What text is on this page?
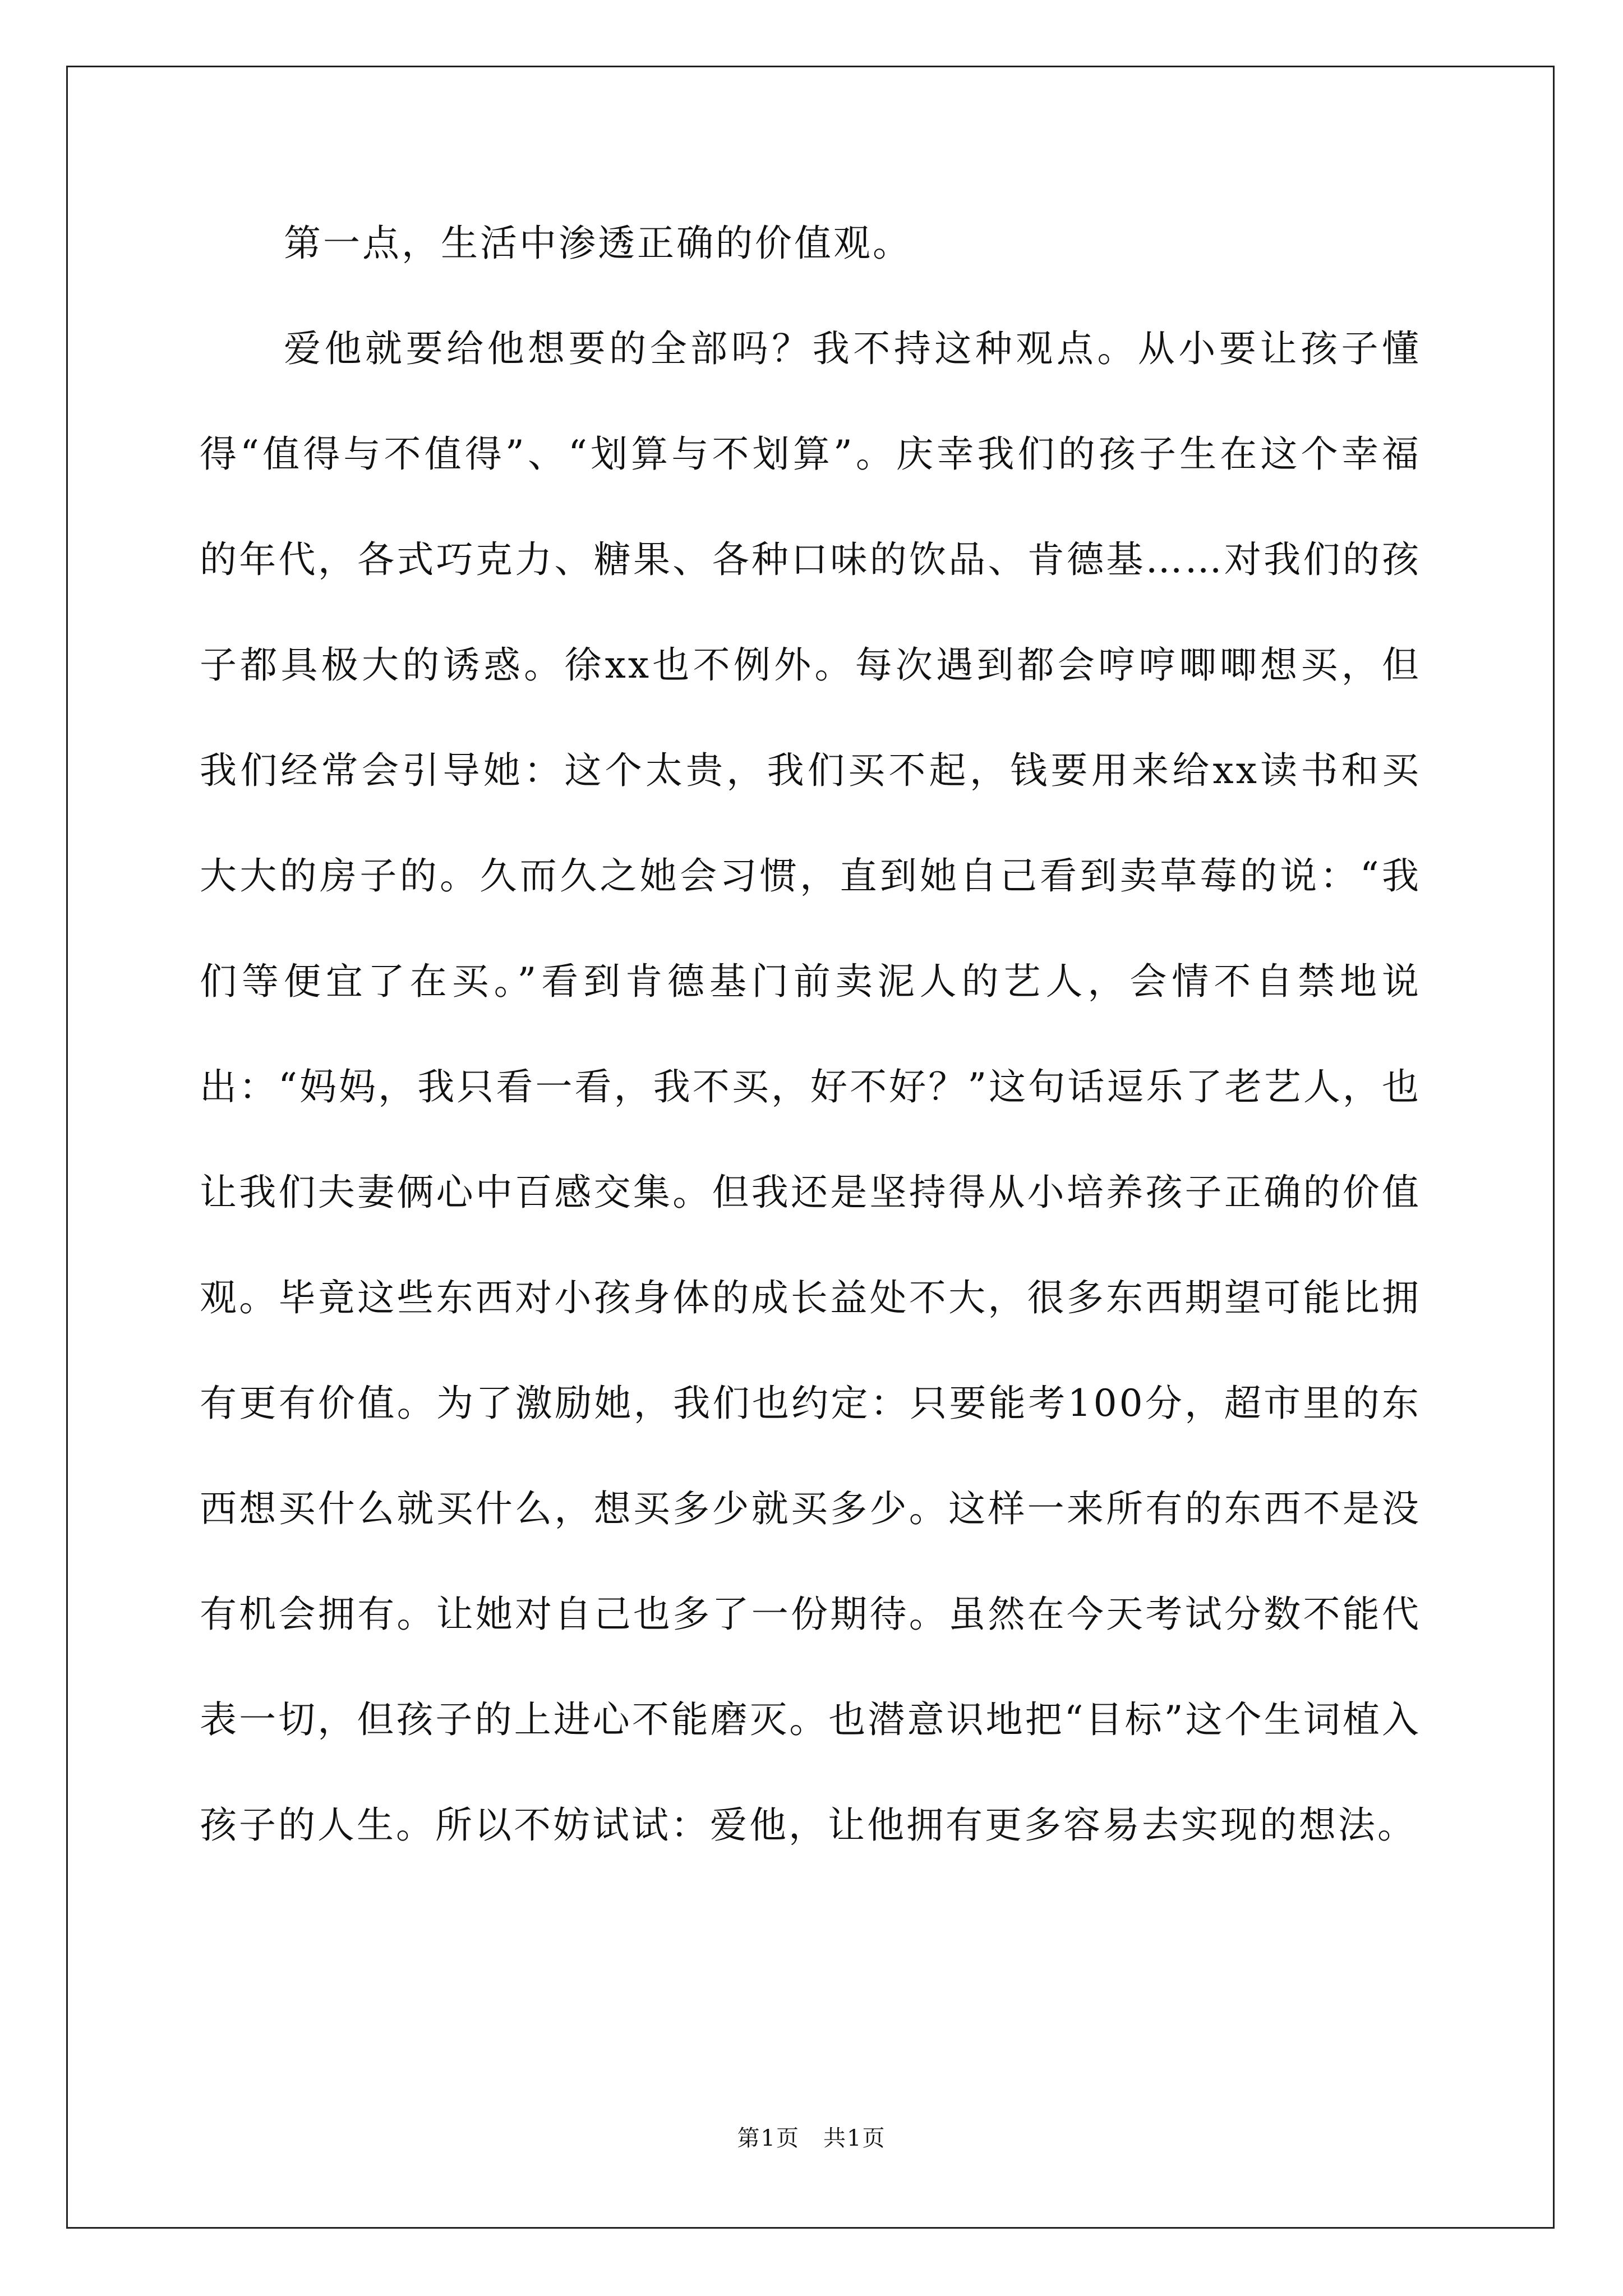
第一点，生活中渗透正确的价值观。

爱他就要给他想要的全部吗？我不持这种观点。从小要让孩子懂得“值得与不值得”、“划算与不划算”。庆幸我们的孩子生在这个幸福的年代，各式巧克力、糖果、各种口味的饮品、肯德基……对我们的孩子都具极大的诱惑。徐xx也不例外。每次遇到都会哼哼唧唧想买，但我们经常会引导她：这个太贵，我们买不起，钱要用来给xx读书和买大大的房子的。久而久之她会习惯，直到她自己看到卖草莓的说：“我们等便宜了在买。”看到肯德基门前卖泥人的艺人，会情不自禁地说出：“妈妈，我只看一看，我不买，好不好？”这句话逗乐了老艺人，也让我们夫妻俩心中百感交集。但我还是坚持得从小培养孩子正确的价值观。毕竟这些东西对小孩身体的成长益处不大，很多东西期望可能比拥有更有价值。为了激励她，我们也约定：只要能考100分，超市里的东西想买什么就买什么，想买多少就买多少。这样一来所有的东西不是没有机会拥有。让她对自己也多了一份期待。虽然在今天考试分数不能代表一切，但孩子的上进心不能磨灭。也潜意识地把“目标”这个生词植入孩子的人生。所以不妨试试：爱他，让他拥有更多容易去实现的想法。

第1页　共1页
